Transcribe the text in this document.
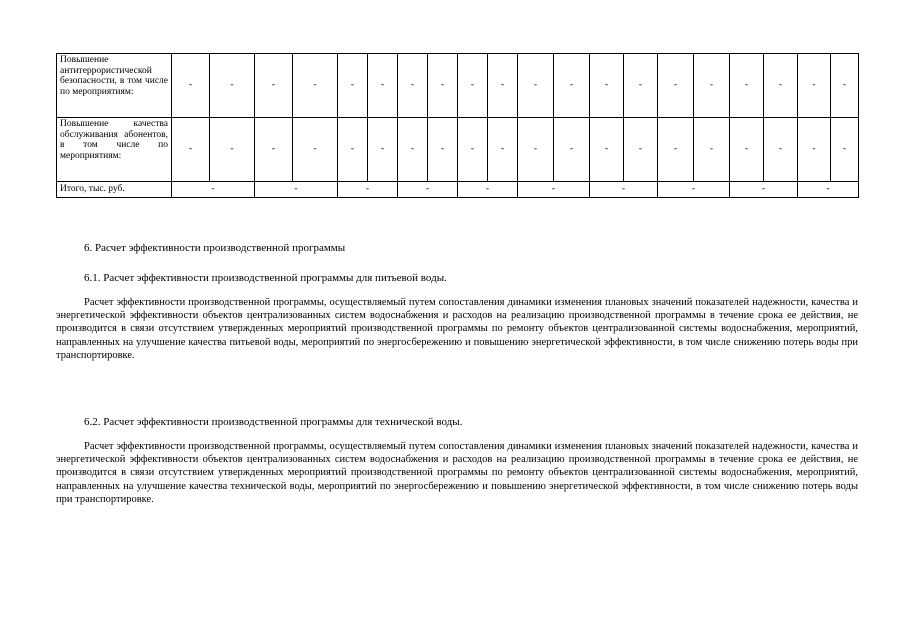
Повышение антитеррористической безопасности, в том числе по мероприятиям:	-	-	-	-	-	-	-	-	-	-	-	-	-	-	-	-	-	-	-	-
Повышение качества обслуживания абонентов, в том числе по мероприятиям:	-	-	-	-	-	-	-	-	-	-	-	-	-	-	-	-	-	-	-	-
Итого, тыс. руб.	-		-		-		-		-		-		-		-		-		-	
6. Расчет эффективности производственной программы
6.1. Расчет эффективности производственной программы для питьевой воды.
Расчет эффективности производственной программы, осуществляемый путем сопоставления динамики изменения плановых значений показателей надежности, качества и энергетической эффективности объектов централизованных систем водоснабжения и расходов на реализацию производственной программы в течение срока ее действия, не производится в связи отсутствием утвержденных мероприятий производственной программы по ремонту объектов централизованной системы водоснабжения, мероприятий, направленных на улучшение качества питьевой воды, мероприятий по энергосбережению и повышению энергетической эффективности, в том числе снижению потерь воды при транспортировке.
6.2. Расчет эффективности производственной программы для технической воды.
Расчет эффективности производственной программы, осуществляемый путем сопоставления динамики изменения плановых значений показателей надежности, качества и энергетической эффективности объектов централизованных систем водоснабжения и расходов на реализацию производственной программы в течение срока ее действия, не производится в связи отсутствием утвержденных мероприятий производственной программы по ремонту объектов централизованной системы водоснабжения, мероприятий, направленных на улучшение качества технической воды, мероприятий по энергосбережению и повышению энергетической эффективности, в том числе снижению потерь воды при транспортировке.
